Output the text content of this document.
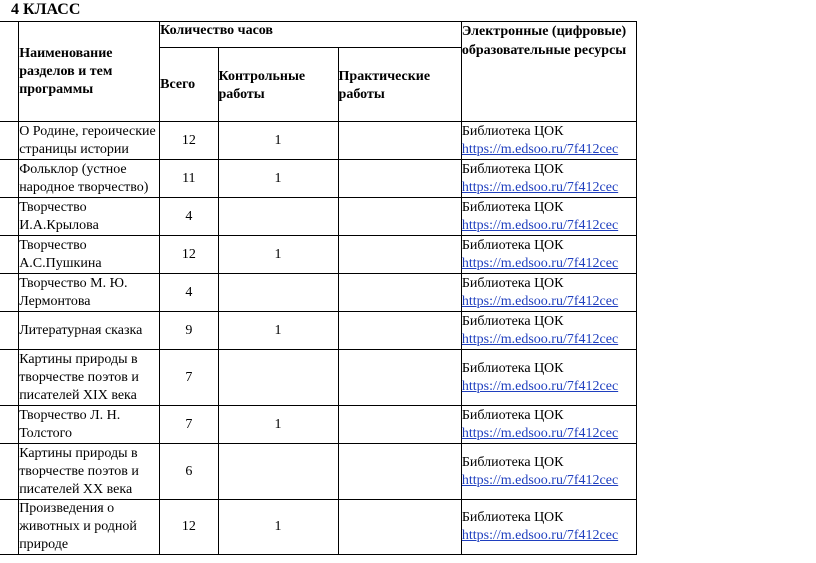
4 КЛАСС
	Наименование разделов и тем программы	Количество часов			Электронные (цифровые) образовательные ресурсы
		Всего	Контрольные работы	Практические работы	
	О Родине, героические страницы истории	12	1		Библиотека ЦОК
https://m.edsoo.ru/7f412cec

	Фольклор (устное народное творчество)	11	1		Библиотека ЦОК
https://m.edsoo.ru/7f412cec

	Творчество И.А.Крылова	4			Библиотека ЦОК
https://m.edsoo.ru/7f412cec

	Творчество А.С.Пушкина	12	1		Библиотека ЦОК
https://m.edsoo.ru/7f412cec

	Творчество М. Ю. Лермонтова	4			Библиотека ЦОК
https://m.edsoo.ru/7f412cec

	Литературная сказка	9	1		Библиотека ЦОК
https://m.edsoo.ru/7f412cec

	Картины природы в творчестве поэтов и писателей ХIХ века	7			Библиотека ЦОК
https://m.edsoo.ru/7f412cec

	Творчество Л. Н. Толстого	7	1		Библиотека ЦОК
https://m.edsoo.ru/7f412cec

	Картины природы в творчестве поэтов и писателей ХХ века	6			Библиотека ЦОК
https://m.edsoo.ru/7f412cec

	Произведения о животных и родной природе	12	1		Библиотека ЦОК
https://m.edsoo.ru/7f412cec
